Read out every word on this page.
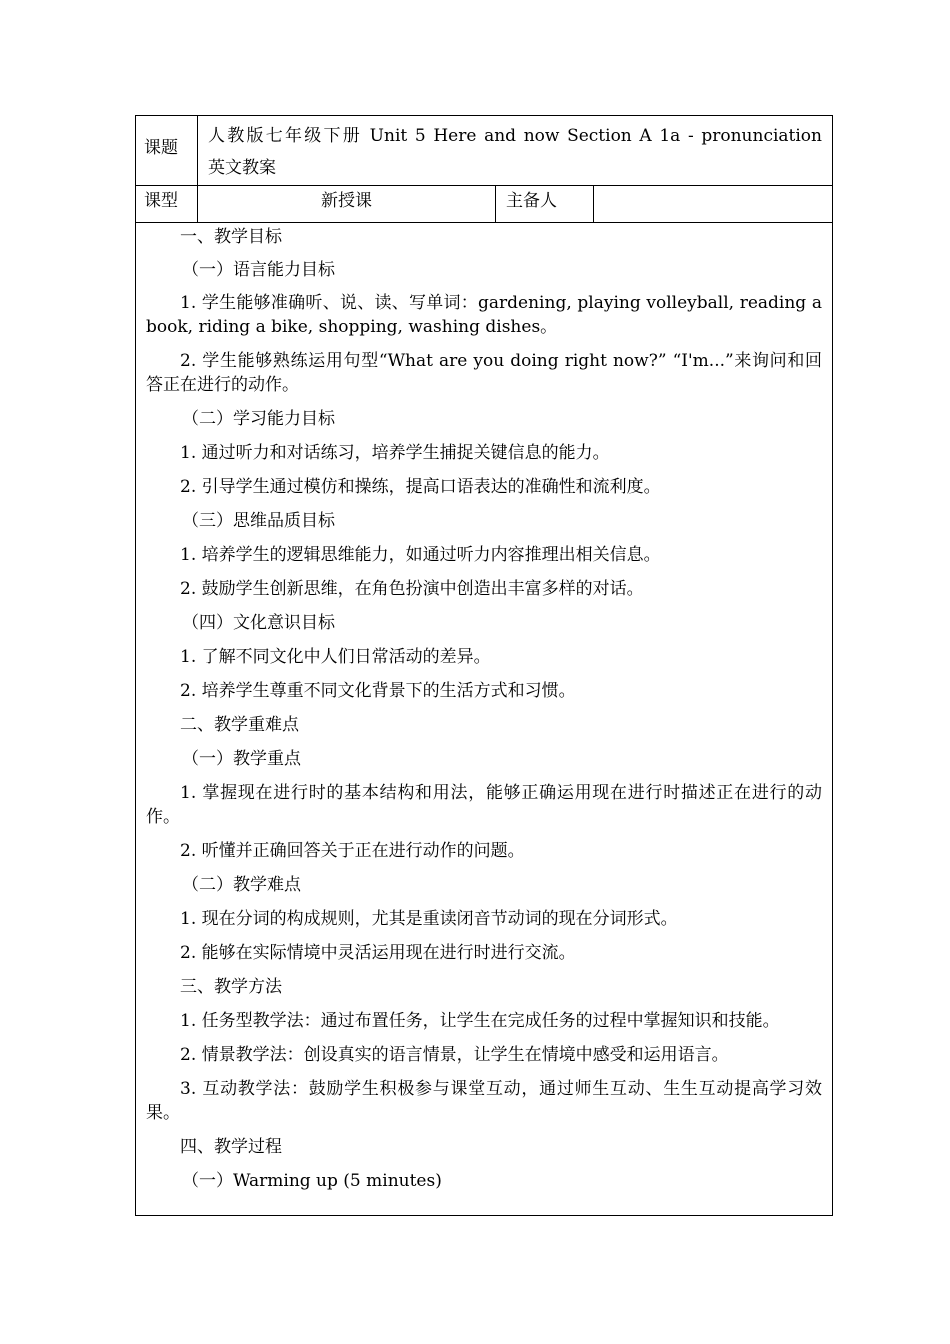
课题

人教版七年级下册 Unit 5 Here and now Section A 1a - pronunciation

英文教案

课型	新授课	主备人

一、教学目标

（一）语言能力目标

1. 学生能够准确听、说、读、写单词：gardening, playing volleyball, reading a book, riding a bike, shopping, washing dishes。

2. 学生能够熟练运用句型“What are you doing right now?” “I'm...”来询问和回答正在进行的动作。

（二）学习能力目标

1. 通过听力和对话练习，培养学生捕捉关键信息的能力。

2. 引导学生通过模仿和操练，提高口语表达的准确性和流利度。

（三）思维品质目标

1. 培养学生的逻辑思维能力，如通过听力内容推理出相关信息。

2. 鼓励学生创新思维，在角色扮演中创造出丰富多样的对话。

（四）文化意识目标

1. 了解不同文化中人们日常活动的差异。

2. 培养学生尊重不同文化背景下的生活方式和习惯。

二、教学重难点

（一）教学重点

1. 掌握现在进行时的基本结构和用法，能够正确运用现在进行时描述正在进行的动作。

2. 听懂并正确回答关于正在进行动作的问题。

（二）教学难点

1. 现在分词的构成规则，尤其是重读闭音节动词的现在分词形式。

2. 能够在实际情境中灵活运用现在进行时进行交流。

三、教学方法

1. 任务型教学法：通过布置任务，让学生在完成任务的过程中掌握知识和技能。

2. 情景教学法：创设真实的语言情景，让学生在情境中感受和运用语言。

3. 互动教学法：鼓励学生积极参与课堂互动，通过师生互动、生生互动提高学习效果。

四、教学过程

（一）Warming up (5 minutes)
